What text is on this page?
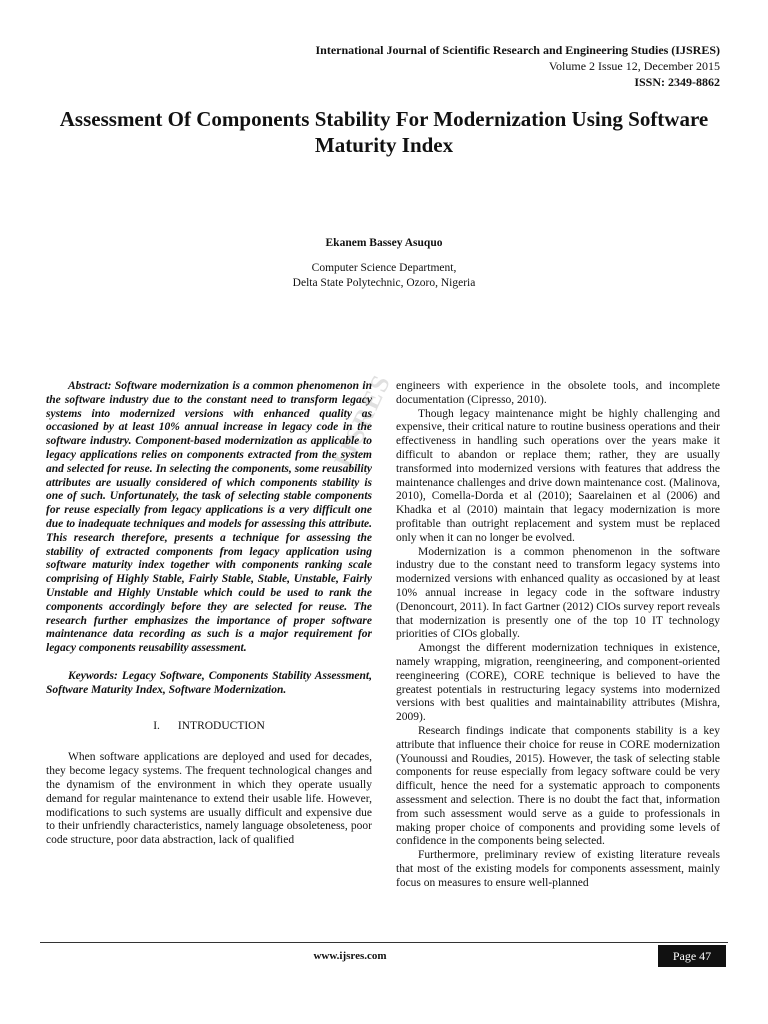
International Journal of Scientific Research and Engineering Studies (IJSRES)
Volume 2 Issue 12, December 2015
ISSN: 2349-8862
Assessment Of Components Stability For Modernization Using Software Maturity Index
Ekanem Bassey Asuquo
Computer Science Department,
Delta State Polytechnic, Ozoro, Nigeria
IJSRES

Abstract: Software modernization is a common phenomenon in the software industry due to the constant need to transform legacy systems into modernized versions with enhanced quality as occasioned by at least 10% annual increase in legacy code in the software industry. Component-based modernization as applicable to legacy applications relies on components extracted from the system and selected for reuse. In selecting the components, some reusability attributes are usually considered of which components stability is one of such. Unfortunately, the task of selecting stable components for reuse especially from legacy applications is a very difficult one due to inadequate techniques and models for assessing this attribute. This research therefore, presents a technique for assessing the stability of extracted components from legacy application using software maturity index together with components ranking scale comprising of Highly Stable, Fairly Stable, Stable, Unstable, Fairly Unstable and Highly Unstable which could be used to rank the components accordingly before they are selected for reuse. The research further emphasizes the importance of proper software maintenance data recording as such is a major requirement for legacy components reusability assessment.

Keywords: Legacy Software, Components Stability Assessment, Software Maturity Index, Software Modernization.

I. INTRODUCTION

When software applications are deployed and used for decades, they become legacy systems. The frequent technological changes and the dynamism of the environment in which they operate usually demand for regular maintenance to extend their usable life. However, modifications to such systems are usually difficult and expensive due to their unfriendly characteristics, namely language obsoleteness, poor code structure, poor data abstraction, lack of qualified

engineers with experience in the obsolete tools, and incomplete documentation (Cipresso, 2010).

Though legacy maintenance might be highly challenging and expensive, their critical nature to routine business operations and their effectiveness in handling such operations over the years make it difficult to abandon or replace them; rather, they are usually transformed into modernized versions with features that address the maintenance challenges and drive down maintenance cost. (Malinova, 2010), Comella-Dorda et al (2010); Saarelainen et al (2006) and Khadka et al (2010) maintain that legacy modernization is more profitable than outright replacement and system must be replaced only when it can no longer be evolved.

Modernization is a common phenomenon in the software industry due to the constant need to transform legacy systems into modernized versions with enhanced quality as occasioned by at least 10% annual increase in legacy code in the software industry (Denoncourt, 2011). In fact Gartner (2012) CIOs survey report reveals that modernization is presently one of the top 10 IT technology priorities of CIOs globally.

Amongst the different modernization techniques in existence, namely wrapping, migration, reengineering, and component-oriented reengineering (CORE), CORE technique is believed to have the greatest potentials in restructuring legacy systems into modernized versions with best qualities and maintainability attributes (Mishra, 2009).

Research findings indicate that components stability is a key attribute that influence their choice for reuse in CORE modernization (Younoussi and Roudies, 2015). However, the task of selecting stable components for reuse especially from legacy software could be very difficult, hence the need for a systematic approach to components assessment and selection. There is no doubt the fact that, information from such assessment would serve as a guide to professionals in making proper choice of components and providing some levels of confidence in the components being selected.

Furthermore, preliminary review of existing literature reveals that most of the existing models for components assessment, mainly focus on measures to ensure well-planned

www.ijsres.com	Page 47
